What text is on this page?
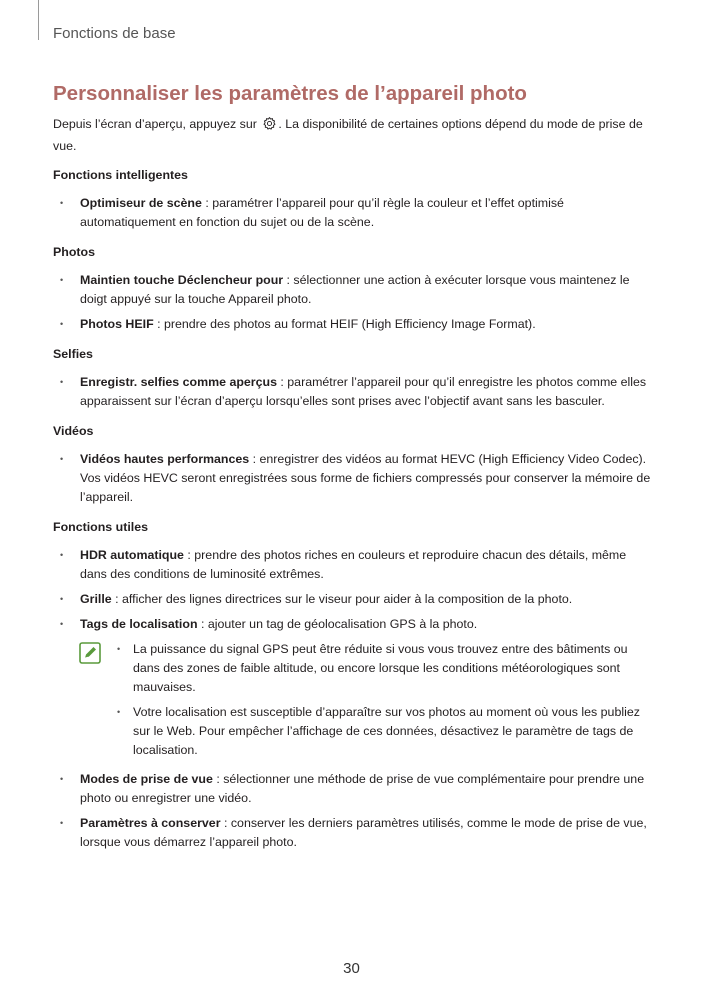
Fonctions de base
Personnaliser les paramètres de l’appareil photo

Depuis l’écran d’aperçu, appuyez sur . La disponibilité de certaines options dépend du mode de prise de vue.

Fonctions intelligentes
• Optimiseur de scène : paramétrer l’appareil pour qu’il règle la couleur et l’effet optimisé automatiquement en fonction du sujet ou de la scène.
Photos
• Maintien touche Déclencheur pour : sélectionner une action à exécuter lorsque vous maintenez le doigt appuyé sur la touche Appareil photo.
• Photos HEIF : prendre des photos au format HEIF (High Efficiency Image Format).
Selfies
• Enregistr. selfies comme aperçus : paramétrer l’appareil pour qu’il enregistre les photos comme elles apparaissent sur l’écran d’aperçu lorsqu’elles sont prises avec l’objectif avant sans les basculer.
Vidéos
• Vidéos hautes performances : enregistrer des vidéos au format HEVC (High Efficiency Video Codec). Vos vidéos HEVC seront enregistrées sous forme de fichiers compressés pour conserver la mémoire de l’appareil.
Fonctions utiles
• HDR automatique : prendre des photos riches en couleurs et reproduire chacun des détails, même dans des conditions de luminosité extrêmes.
• Grille : afficher des lignes directrices sur le viseur pour aider à la composition de la photo.
• Tags de localisation : ajouter un tag de géolocalisation GPS à la photo.
• La puissance du signal GPS peut être réduite si vous vous trouvez entre des bâtiments ou dans des zones de faible altitude, ou encore lorsque les conditions météorologiques sont mauvaises.
• Votre localisation est susceptible d’apparaître sur vos photos au moment où vous les publiez sur le Web. Pour empêcher l’affichage de ces données, désactivez le paramètre de tags de localisation.
• Modes de prise de vue : sélectionner une méthode de prise de vue complémentaire pour prendre une photo ou enregistrer une vidéo.
• Paramètres à conserver : conserver les derniers paramètres utilisés, comme le mode de prise de vue, lorsque vous démarrez l’appareil photo.
30
